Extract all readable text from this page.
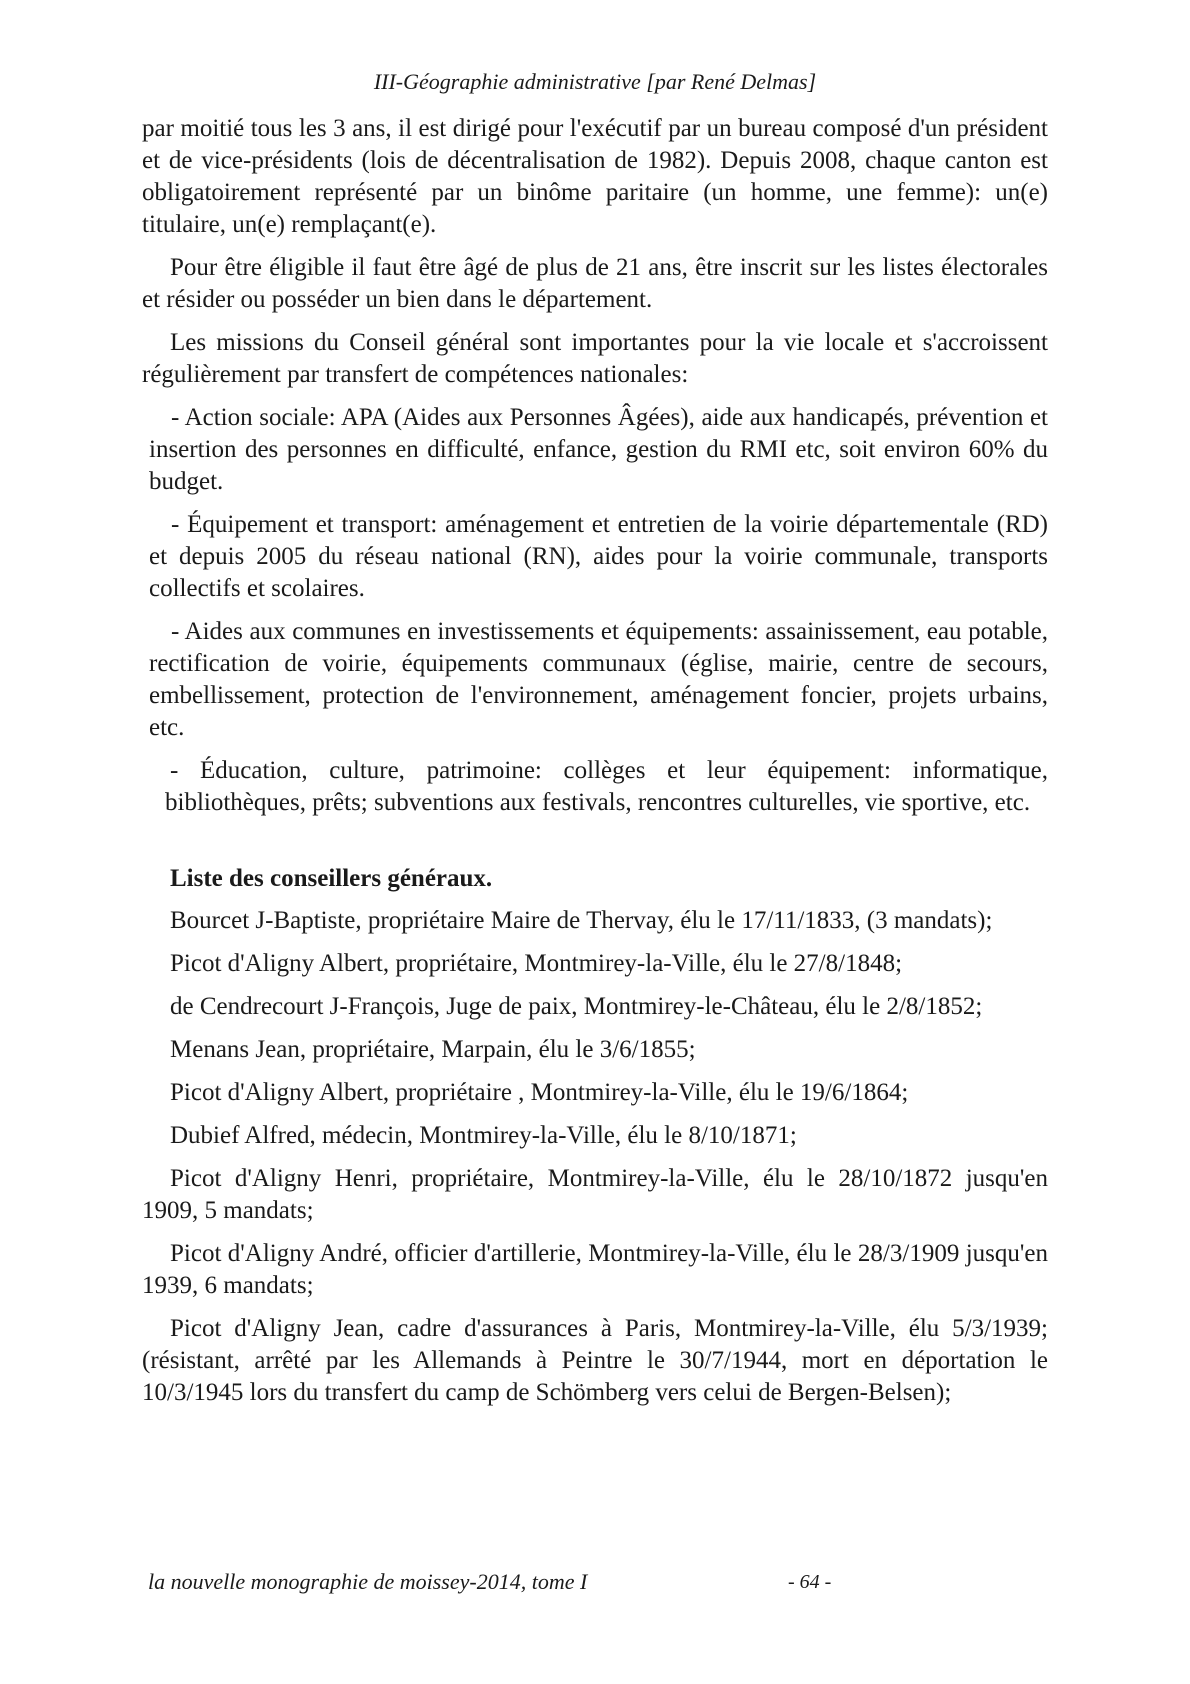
III-Géographie administrative [par René Delmas]

par moitié tous les 3 ans, il est dirigé pour l'exécutif par un bureau composé d'un président et de vice-présidents (lois de décentralisation de 1982). Depuis 2008, chaque canton est obligatoirement représenté par un binôme paritaire (un homme, une femme): un(e) titulaire, un(e) remplaçant(e).

Pour être éligible il faut être âgé de plus de 21 ans, être inscrit sur les listes électorales et résider ou posséder un bien dans le département.

Les missions du Conseil général sont importantes pour la vie locale et s'accroissent régulièrement par transfert de compétences nationales:

- Action sociale: APA (Aides aux Personnes Âgées), aide aux handicapés, prévention et insertion des personnes en difficulté, enfance, gestion du RMI etc, soit environ 60% du budget.

- Équipement et transport: aménagement et entretien de la voirie départementale (RD) et depuis 2005 du réseau national (RN), aides pour la voirie communale, transports collectifs et scolaires.

- Aides aux communes en investissements et équipements: assainissement, eau potable, rectification de voirie, équipements communaux (église, mairie, centre de secours, embellissement, protection de l'environnement, aménagement foncier, projets urbains, etc.

- Éducation, culture, patrimoine: collèges et leur équipement: informatique, bibliothèques, prêts; subventions aux festivals, rencontres culturelles, vie sportive, etc.

Liste des conseillers généraux.

Bourcet J-Baptiste, propriétaire Maire de Thervay, élu le 17/11/1833, (3 mandats);

Picot d'Aligny Albert, propriétaire, Montmirey-la-Ville, élu le 27/8/1848;

de Cendrecourt J-François, Juge de paix, Montmirey-le-Château, élu le 2/8/1852;

Menans Jean, propriétaire, Marpain, élu le 3/6/1855;

Picot d'Aligny Albert, propriétaire , Montmirey-la-Ville, élu le 19/6/1864;

Dubief Alfred, médecin, Montmirey-la-Ville, élu le 8/10/1871;

Picot d'Aligny Henri, propriétaire, Montmirey-la-Ville, élu le 28/10/1872 jusqu'en 1909, 5 mandats;

Picot d'Aligny André, officier d'artillerie, Montmirey-la-Ville, élu le 28/3/1909 jusqu'en 1939, 6 mandats;

Picot d'Aligny Jean, cadre d'assurances à Paris, Montmirey-la-Ville, élu 5/3/1939; (résistant, arrêté par les Allemands à Peintre le 30/7/1944, mort en déportation le 10/3/1945 lors du transfert du camp de Schömberg vers celui de Bergen-Belsen);

la nouvelle monographie de moissey-2014, tome I	- 64 -
